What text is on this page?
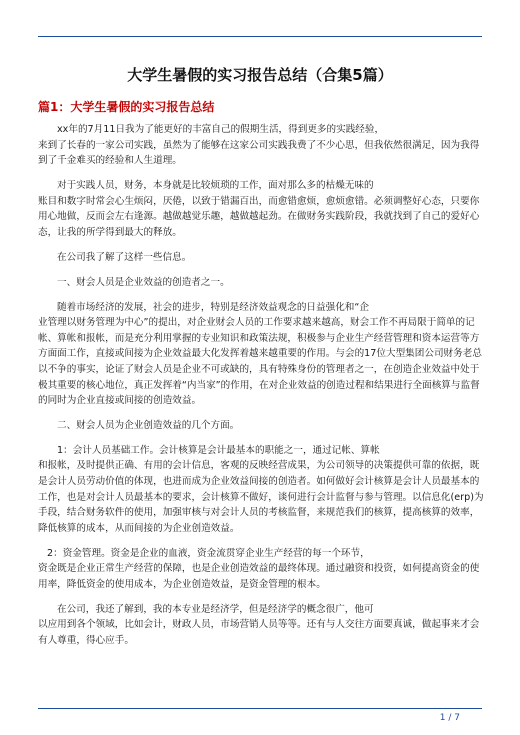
大学生暑假的实习报告总结（合集5篇）
篇1：大学生暑假的实习报告总结

xx年的7月11日我为了能更好的丰富自己的假期生活，得到更多的实践经验，
来到了长春的一家公司实践，虽然为了能够在这家公司实践我费了不少心思，但我依然很满足，因为我得到了千金难买的经验和人生道理。

对于实践人员，财务，本身就是比较烦琐的工作，面对那么多的枯燥无味的
账目和数字时常会心生烦闷，厌倦，以致于错漏百出，而愈错愈烦，愈烦愈错。必须调整好心态，只要你用心地做，反而会左右逢源。越做越觉乐趣，越做越起劲。在做财务实践阶段，我就找到了自己的爱好心态，让我的所学得到最大的释放。

在公司我了解了这样一些信息。

一、财会人员是企业效益的创造者之一。

随着市场经济的发展，社会的进步，特别是经济效益观念的日益强化和“企
业管理以财务管理为中心”的提出，对企业财会人员的工作要求越来越高，财会工作不再局限于简单的记帐、算帐和报帐，而是充分利用掌握的专业知识和政策法规，积极参与企业生产经营管理和资本运营等方方面面工作，直接或间接为企业效益最大化发挥着越来越重要的作用。与会的17位大型集团公司财务老总以不争的事实，论证了财会人员是企业不可或缺的，具有特殊身份的管理者之一，在创造企业效益中处于极其重要的核心地位，真正发挥着“内当家”的作用，在对企业效益的创造过程和结果进行全面核算与监督的同时为企业直接或间接的创造效益。

二、财会人员为企业创造效益的几个方面。

1：会计人员基础工作。会计核算是会计最基本的职能之一，通过记帐、算帐
和报帐，及时提供正确、有用的会计信息，客观的反映经营成果，为公司领导的决策提供可靠的依据，既是会计人员劳动价值的体现，也进而成为企业效益间接的创造者。如何做好会计核算是会计人员最基本的工作，也是对会计人员最基本的要求，会计核算不做好，谈何进行会计监督与参与管理。以信息化(erp)为手段，结合财务软件的使用，加强审核与对会计人员的考核监督，来规范我们的核算，提高核算的效率，降低核算的成本，从而间接的为企业创造效益。

2：资金管理。资金是企业的血液，资金流贯穿企业生产经营的每一个环节，
资金既是企业正常生产经营的保障，也是企业创造效益的最终体现。通过融资和投资，如何提高资金的使用率，降低资金的使用成本，为企业创造效益，是资金管理的根本。

在公司，我还了解到，我的本专业是经济学，但是经济学的概念很广，他可
以应用到各个领域，比如会计，财政人员，市场营销人员等等。还有与人交往方面要真诚，做起事来才会有人尊重，得心应手。

1 / 7
